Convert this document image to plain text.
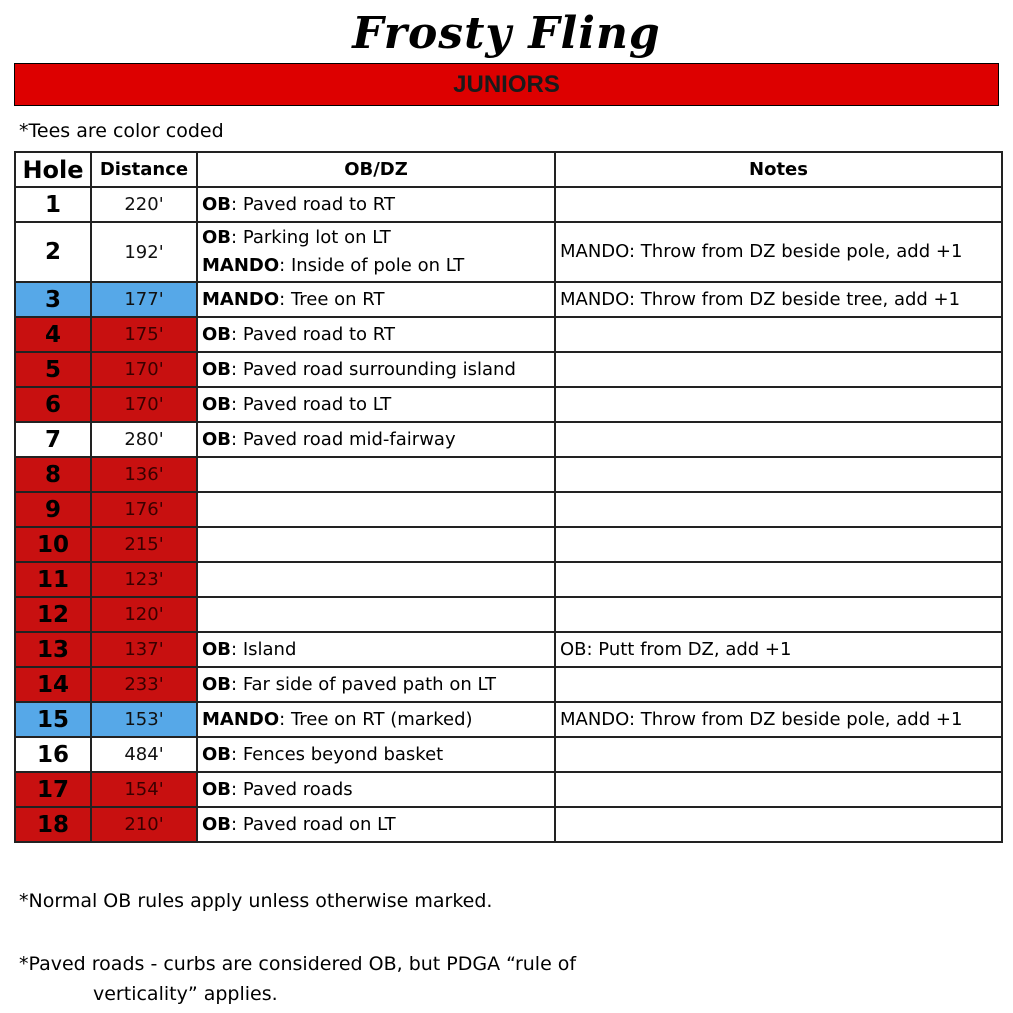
Frosty Fling
JUNIORS
*Tees are color coded
Hole	Distance	OB/DZ	Notes
1	220'	OB: Paved road to RT	

2	192'	OB: Parking lot on LT
MANDO: Inside of pole on LT	MANDO: Throw from DZ beside pole, add +1
3	177'	MANDO: Tree on RT	MANDO: Throw from DZ beside tree, add +1
4	175'	OB: Paved road to RT	

5	170'	OB: Paved road surrounding island	

6	170'	OB: Paved road to LT	

7	280'	OB: Paved road mid-fairway	

8	136'		
9	176'		
10	215'		
11	123'		
12	120'		
13	137'	OB: Island	OB: Putt from DZ, add +1
14	233'	OB: Far side of paved path on LT	

15	153'	MANDO: Tree on RT (marked)	MANDO: Throw from DZ beside pole, add +1
16	484'	OB: Fences beyond basket	

17	154'	OB: Paved roads	

18	210'	OB: Paved road on LT	

*Normal OB rules apply unless otherwise marked.
*Paved roads - curbs are considered OB, but PDGA “rule of
verticality” applies.
